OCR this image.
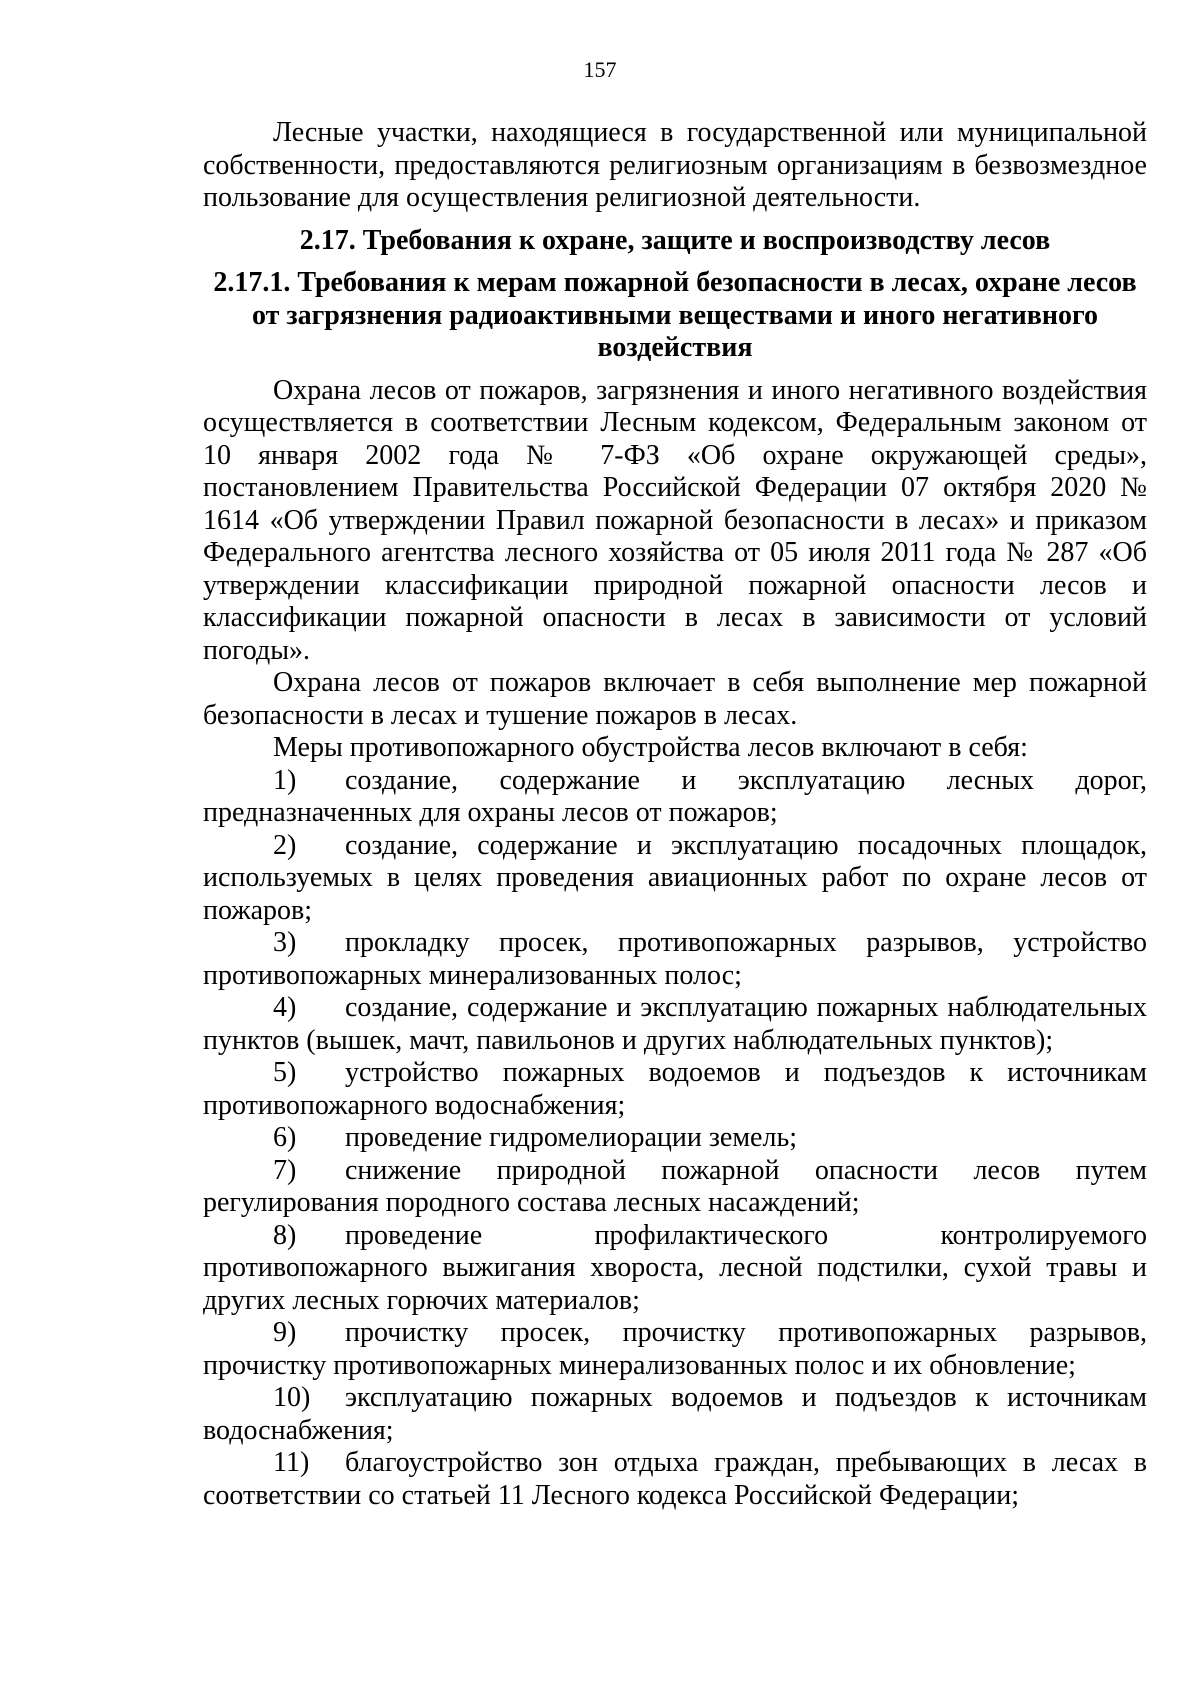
157

Лесные участки, находящиеся в государственной или муниципальной собственности, предоставляются религиозным организациям в безвозмездное пользование для осуществления религиозной деятельности.

2.17. Требования к охране, защите и воспроизводству лесов
2.17.1. Требования к мерам пожарной безопасности в лесах, охране лесов от загрязнения радиоактивными веществами и иного негативного воздействия

Охрана лесов от пожаров, загрязнения и иного негативного воздействия осуществляется в соответствии Лесным кодексом, Федеральным законом от 10 января 2002 года № 7-ФЗ «Об охране окружающей среды», постановлением Правительства Российской Федерации 07 октября 2020 № 1614 «Об утверждении Правил пожарной безопасности в лесах» и приказом Федерального агентства лесного хозяйства от 05 июля 2011 года № 287 «Об утверждении классификации природной пожарной опасности лесов и классификации пожарной опасности в лесах в зависимости от условий погоды».

Охрана лесов от пожаров включает в себя выполнение мер пожарной безопасности в лесах и тушение пожаров в лесах.

Меры противопожарного обустройства лесов включают в себя:

1) создание, содержание и эксплуатацию лесных дорог, предназначенных для охраны лесов от пожаров;

2) создание, содержание и эксплуатацию посадочных площадок, используемых в целях проведения авиационных работ по охране лесов от пожаров;

3) прокладку просек, противопожарных разрывов, устройство противопожарных минерализованных полос;

4) создание, содержание и эксплуатацию пожарных наблюдательных пунктов (вышек, мачт, павильонов и других наблюдательных пунктов);

5) устройство пожарных водоемов и подъездов к источникам противопожарного водоснабжения;

6) проведение гидромелиорации земель;

7) снижение природной пожарной опасности лесов путем регулирования породного состава лесных насаждений;

8) проведение профилактического контролируемого противопожарного выжигания хвороста, лесной подстилки, сухой травы и других лесных горючих материалов;

9) прочистку просек, прочистку противопожарных разрывов, прочистку противопожарных минерализованных полос и их обновление;

10) эксплуатацию пожарных водоемов и подъездов к источникам водоснабжения;

11) благоустройство зон отдыха граждан, пребывающих в лесах в соответствии со статьей 11 Лесного кодекса Российской Федерации;
